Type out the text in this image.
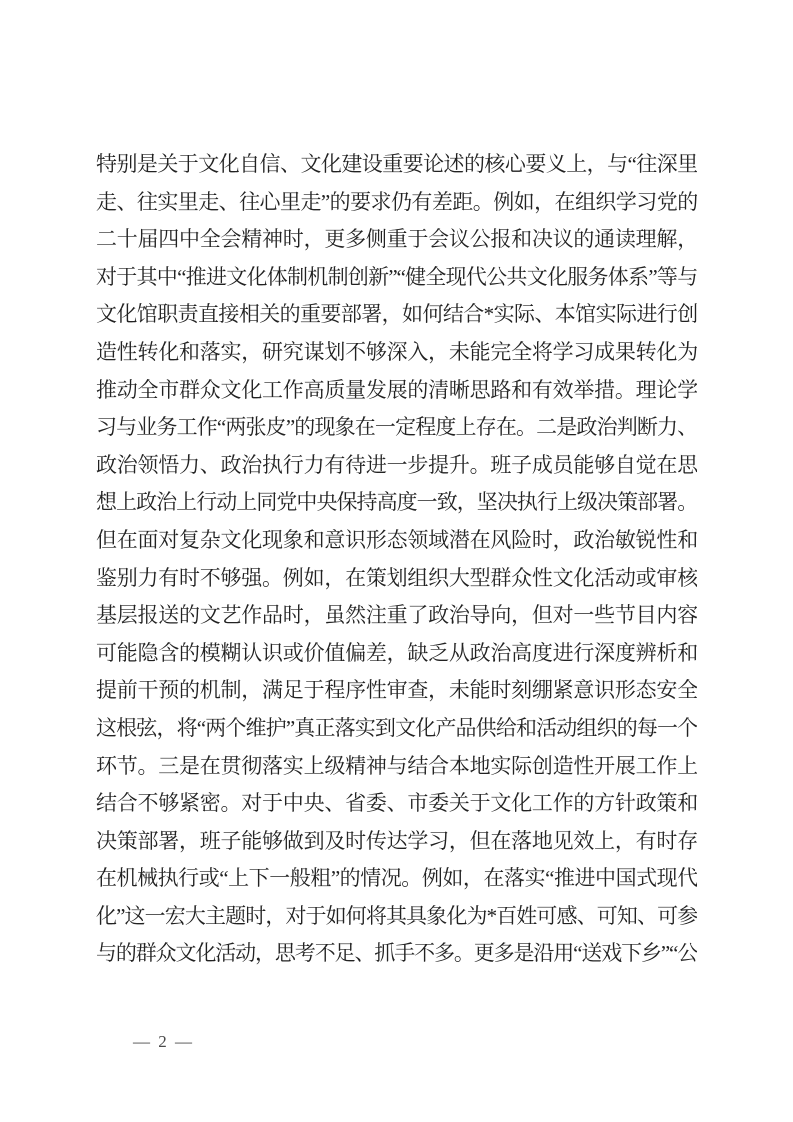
特别是关于文化自信、文化建设重要论述的核心要义上，与“往深里
走、往实里走、往心里走”的要求仍有差距。例如，在组织学习党的
二十届四中全会精神时，更多侧重于会议公报和决议的通读理解，
对于其中“推进文化体制机制创新”“健全现代公共文化服务体系”等与
文化馆职责直接相关的重要部署，如何结合*实际、本馆实际进行创
造性转化和落实，研究谋划不够深入，未能完全将学习成果转化为
推动全市群众文化工作高质量发展的清晰思路和有效举措。理论学
习与业务工作“两张皮”的现象在一定程度上存在。二是政治判断力、
政治领悟力、政治执行力有待进一步提升。班子成员能够自觉在思
想上政治上行动上同党中央保持高度一致，坚决执行上级决策部署。
但在面对复杂文化现象和意识形态领域潜在风险时，政治敏锐性和
鉴别力有时不够强。例如，在策划组织大型群众性文化活动或审核
基层报送的文艺作品时，虽然注重了政治导向，但对一些节目内容
可能隐含的模糊认识或价值偏差，缺乏从政治高度进行深度辨析和
提前干预的机制，满足于程序性审查，未能时刻绷紧意识形态安全
这根弦，将“两个维护”真正落实到文化产品供给和活动组织的每一个
环节。三是在贯彻落实上级精神与结合本地实际创造性开展工作上
结合不够紧密。对于中央、省委、市委关于文化工作的方针政策和
决策部署，班子能够做到及时传达学习，但在落地见效上，有时存
在机械执行或“上下一般粗”的情况。例如，在落实“推进中国式现代
化”这一宏大主题时，对于如何将其具象化为*百姓可感、可知、可参
与的群众文化活动，思考不足、抓手不多。更多是沿用“送戏下乡”“公
— 2 —
